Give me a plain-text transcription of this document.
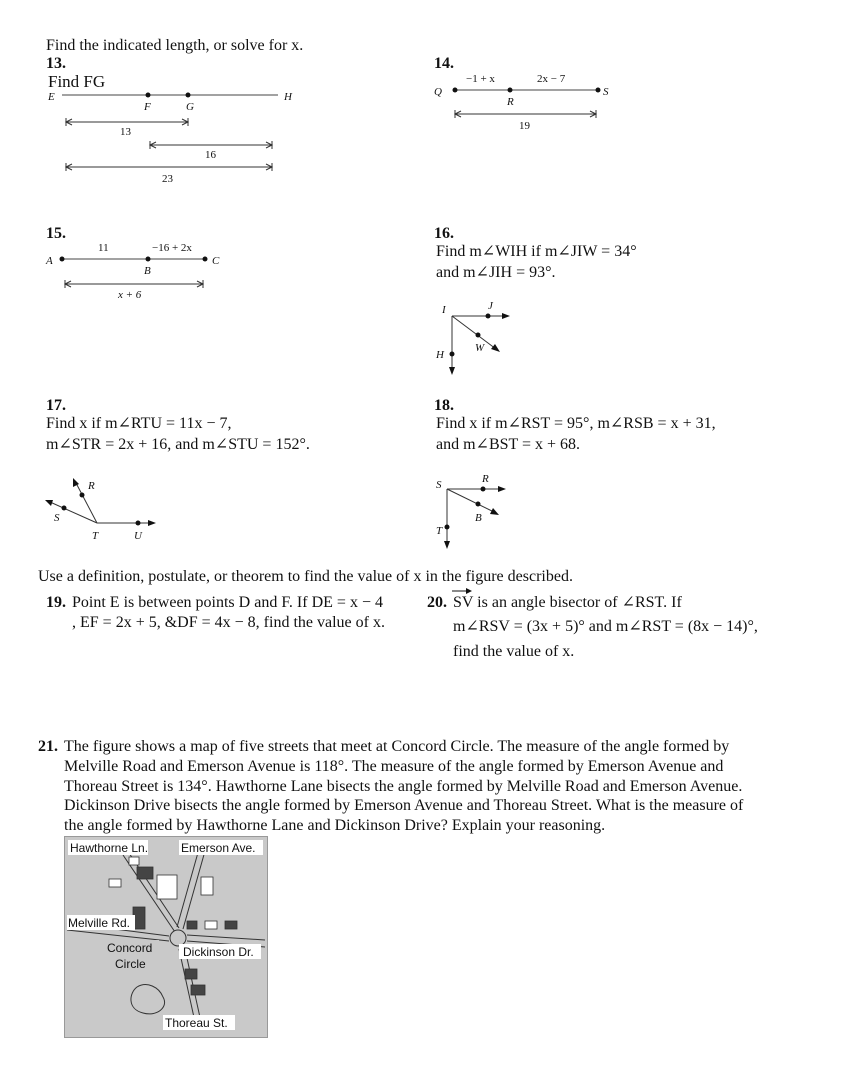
Find the indicated length, or solve for x.
13.
Find FG
E
F	G
H
13
16
23
14.
Q
R
S
−1 + x	2x − 7
19
15.
A
B
C
11	−16 + 2x
x + 6
16.
Find m∠WIH if m∠JIW = 34°
and m∠JIH = 93°.
I	J
W
H
17.
Find x if m∠RTU = 11x − 7,
m∠STR = 2x + 16, and m∠STU = 152°.
R
S
T	U
18.
Find x if m∠RST = 95°, m∠RSB = x + 31,
and m∠BST = x + 68.
S	R
B
T
Use a definition, postulate, or theorem to find the value of x in the figure described.
19. Point E is between points D and F. If DE = x − 4
, EF = 2x + 5, &DF = 4x − 8, find the value of x.
20. SV is an angle bisector of ∠RST. If
m∠RSV = (3x + 5)° and m∠RST = (8x − 14)°,
find the value of x.
21. The figure shows a map of five streets that meet at Concord Circle. The measure of the angle formed by
Melville Road and Emerson Avenue is 118°. The measure of the angle formed by Emerson Avenue and
Thoreau Street is 134°. Hawthorne Lane bisects the angle formed by Melville Road and Emerson Avenue.
Dickinson Drive bisects the angle formed by Emerson Avenue and Thoreau Street. What is the measure of
the angle formed by Hawthorne Lane and Dickinson Drive? Explain your reasoning.
Hawthorne Ln.	Emerson Ave.
Melville Rd.
Concord
Circle
Dickinson Dr.
Thoreau St.
